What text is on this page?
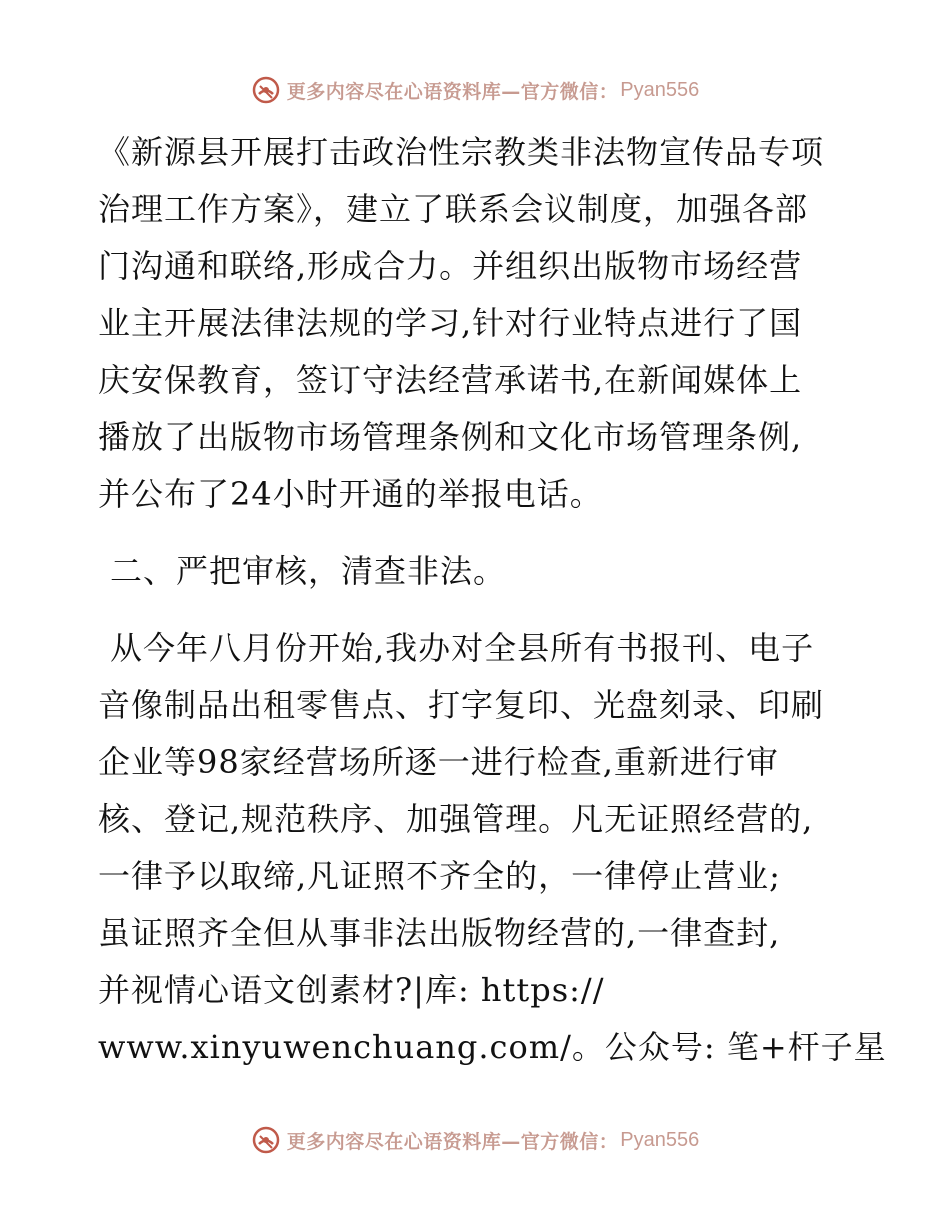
更多内容尽在心语资料库—官方微信： Pyan556
《新源县开展打击政治性宗教类非法物宣传品专项
治理工作方案》，建立了联系会议制度，加强各部
门沟通和联络,形成合力。并组织出版物市场经营
业主开展法律法规的学习,针对行业特点进行了国
庆安保教育，签订守法经营承诺书,在新闻媒体上
播放了出版物市场管理条例和文化市场管理条例,
并公布了24小时开通的举报电话。
二、严把审核，清查非法。
从今年八月份开始,我办对全县所有书报刊、电子
音像制品出租零售点、打字复印、光盘刻录、印刷
企业等98家经营场所逐一进行检查,重新进行审
核、登记,规范秩序、加强管理。凡无证照经营的,
一律予以取缔,凡证照不齐全的，一律停止营业;
虽证照齐全但从事非法出版物经营的,一律查封,
并视情心语文创素材?|库: https://
www.xinyuwenchuang.com/。公众号: 笔+杆子星
更多内容尽在心语资料库—官方微信： Pyan556
